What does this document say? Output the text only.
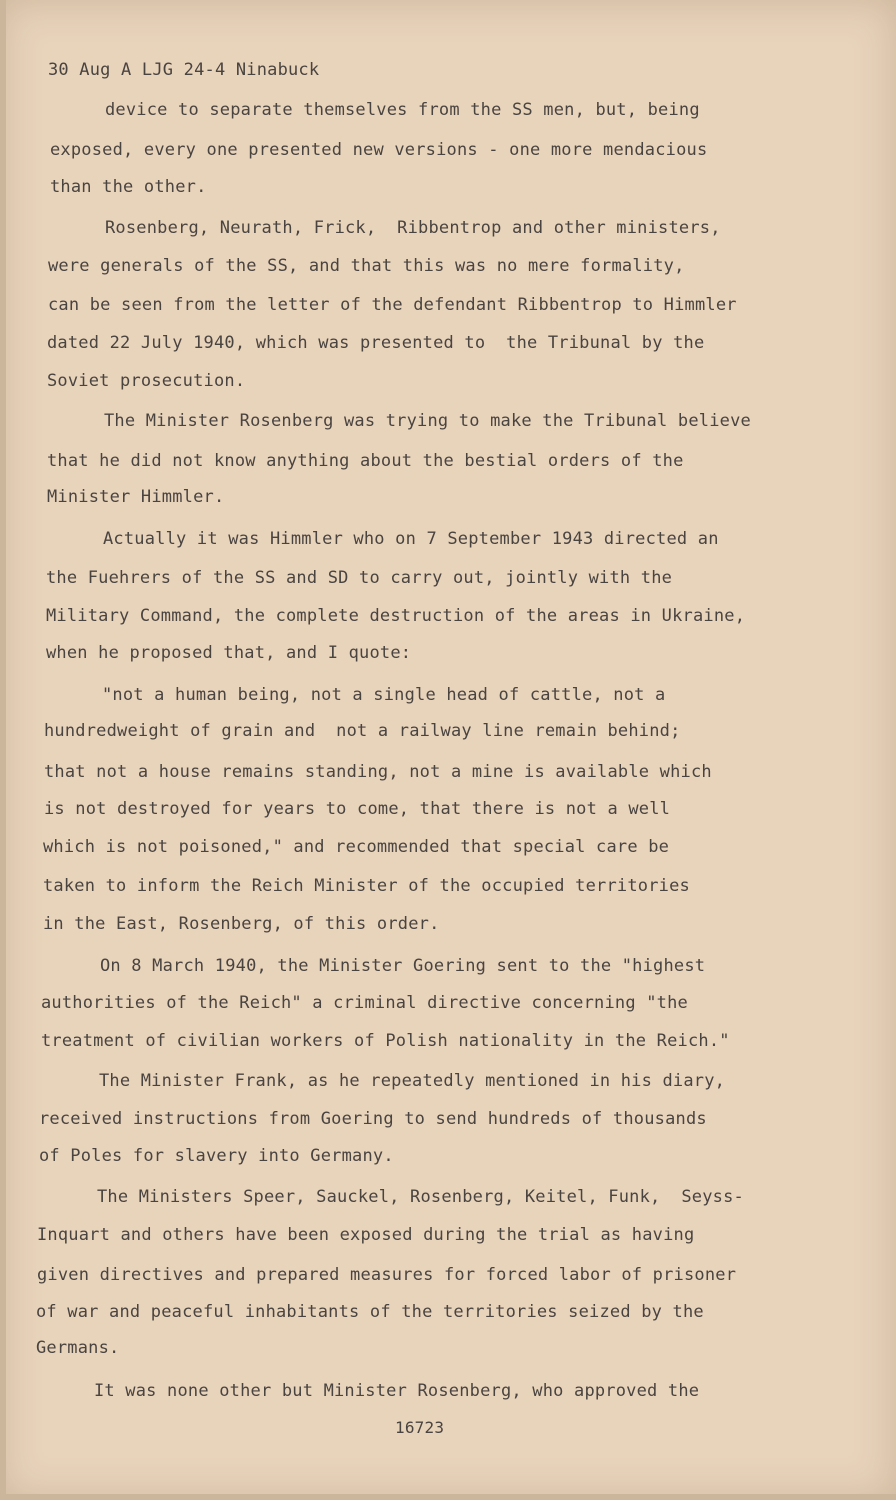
30 Aug A LJG 24-4 Ninabuck
device to separate themselves from the SS men, but, being
exposed, every one presented new versions - one more mendacious
than the other.
Rosenberg, Neurath, Frick,  Ribbentrop and other ministers,
were generals of the SS, and that this was no mere formality,
can be seen from the letter of the defendant Ribbentrop to Himmler
dated 22 July 1940, which was presented to  the Tribunal by the
Soviet prosecution.
The Minister Rosenberg was trying to make the Tribunal believe
that he did not know anything about the bestial orders of the
Minister Himmler.
Actually it was Himmler who on 7 September 1943 directed an
the Fuehrers of the SS and SD to carry out, jointly with the
Military Command, the complete destruction of the areas in Ukraine,
when he proposed that, and I quote:
"not a human being, not a single head of cattle, not a
hundredweight of grain and  not a railway line remain behind;
that not a house remains standing, not a mine is available which
is not destroyed for years to come, that there is not a well
which is not poisoned," and recommended that special care be
taken to inform the Reich Minister of the occupied territories
in the East, Rosenberg, of this order.
On 8 March 1940, the Minister Goering sent to the "highest
authorities of the Reich" a criminal directive concerning "the
treatment of civilian workers of Polish nationality in the Reich."
The Minister Frank, as he repeatedly mentioned in his diary,
received instructions from Goering to send hundreds of thousands
of Poles for slavery into Germany.
The Ministers Speer, Sauckel, Rosenberg, Keitel, Funk,  Seyss-
Inquart and others have been exposed during the trial as having
given directives and prepared measures for forced labor of prisoner
of war and peaceful inhabitants of the territories seized by the
Germans.
It was none other but Minister Rosenberg, who approved the
16723
